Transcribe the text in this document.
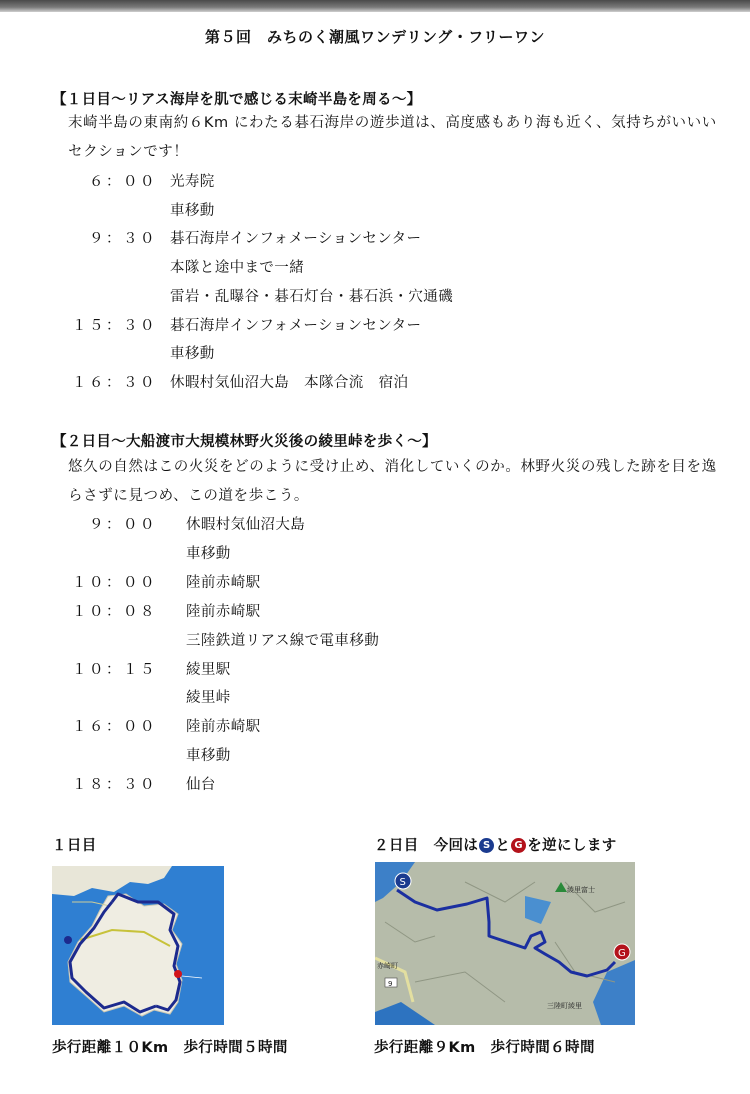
第５回　みちのく潮風ワンデリング・フリーワン
【１日目〜リアス海岸を肌で感じる末崎半島を周る〜】
末崎半島の東南約６Km にわたる碁石海岸の遊歩道は、高度感もあり海も近く、気持ちがいいいセクションです！
６：００ 光寿院
車移動
９：３０ 碁石海岸インフォメーションセンター
本隊と途中まで一緒
雷岩・乱曝谷・碁石灯台・碁石浜・穴通磯
１５：３０ 碁石海岸インフォメーションセンター
車移動
１６：３０ 休暇村気仙沼大島　本隊合流　宿泊
【２日目〜大船渡市大規模林野火災後の綾里峠を歩く〜】
悠久の自然はこの火災をどのように受け止め、消化していくのか。林野火災の残した跡を目を逸らさずに見つめ、この道を歩こう。
９：００ 休暇村気仙沼大島
車移動
１０：００ 陸前赤崎駅
１０：０８ 陸前赤崎駅
三陸鉄道リアス線で電車移動
１０：１５ 綾里駅
綾里峠
１６：００ 陸前赤崎駅
車移動
１８：３０ 仙台
１日目	２日目　 今回は S と G を逆にします
綾里富士
三陸町綾里
赤崎町
9
S
G
歩行距離１０Km　歩行時間５時間	歩行距離９Km　歩行時間６時間
